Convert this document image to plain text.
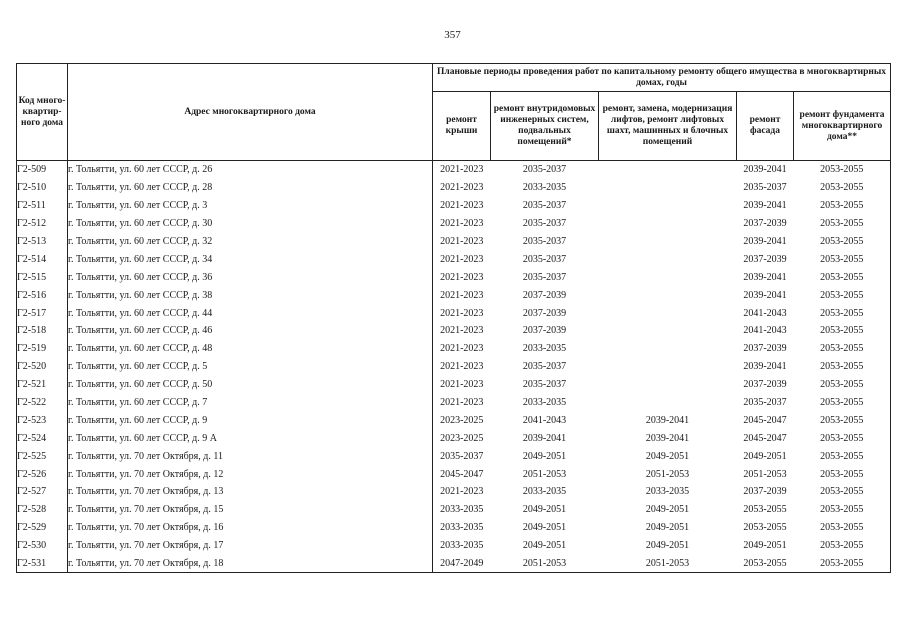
357
Код много-квартир-ного дома	Адрес многоквартирного дома	Плановые периоды проведения работ по капитальному ремонту общего имущества в многоквартирных домах, годы				
		ремонт крыши	ремонт внутридомовых инженерных систем, подвальных помещений*	ремонт, замена, модернизация лифтов, ремонт лифтовых шахт, машинных и блочных помещений	ремонт фасада	ремонт фундамента многоквартирного дома**
Г2-509	г. Тольятти, ул. 60 лет СССР, д. 26	2021-2023	2035-2037		2039-2041	2053-2055
Г2-510	г. Тольятти, ул. 60 лет СССР, д. 28	2021-2023	2033-2035		2035-2037	2053-2055
Г2-511	г. Тольятти, ул. 60 лет СССР, д. 3	2021-2023	2035-2037		2039-2041	2053-2055
Г2-512	г. Тольятти, ул. 60 лет СССР, д. 30	2021-2023	2035-2037		2037-2039	2053-2055
Г2-513	г. Тольятти, ул. 60 лет СССР, д. 32	2021-2023	2035-2037		2039-2041	2053-2055
Г2-514	г. Тольятти, ул. 60 лет СССР, д. 34	2021-2023	2035-2037		2037-2039	2053-2055
Г2-515	г. Тольятти, ул. 60 лет СССР, д. 36	2021-2023	2035-2037		2039-2041	2053-2055
Г2-516	г. Тольятти, ул. 60 лет СССР, д. 38	2021-2023	2037-2039		2039-2041	2053-2055
Г2-517	г. Тольятти, ул. 60 лет СССР, д. 44	2021-2023	2037-2039		2041-2043	2053-2055
Г2-518	г. Тольятти, ул. 60 лет СССР, д. 46	2021-2023	2037-2039		2041-2043	2053-2055
Г2-519	г. Тольятти, ул. 60 лет СССР, д. 48	2021-2023	2033-2035		2037-2039	2053-2055
Г2-520	г. Тольятти, ул. 60 лет СССР, д. 5	2021-2023	2035-2037		2039-2041	2053-2055
Г2-521	г. Тольятти, ул. 60 лет СССР, д. 50	2021-2023	2035-2037		2037-2039	2053-2055
Г2-522	г. Тольятти, ул. 60 лет СССР, д. 7	2021-2023	2033-2035		2035-2037	2053-2055
Г2-523	г. Тольятти, ул. 60 лет СССР, д. 9	2023-2025	2041-2043	2039-2041	2045-2047	2053-2055
Г2-524	г. Тольятти, ул. 60 лет СССР, д. 9 А	2023-2025	2039-2041	2039-2041	2045-2047	2053-2055
Г2-525	г. Тольятти, ул. 70 лет Октября, д. 11	2035-2037	2049-2051	2049-2051	2049-2051	2053-2055
Г2-526	г. Тольятти, ул. 70 лет Октября, д. 12	2045-2047	2051-2053	2051-2053	2051-2053	2053-2055
Г2-527	г. Тольятти, ул. 70 лет Октября, д. 13	2021-2023	2033-2035	2033-2035	2037-2039	2053-2055
Г2-528	г. Тольятти, ул. 70 лет Октября, д. 15	2033-2035	2049-2051	2049-2051	2053-2055	2053-2055
Г2-529	г. Тольятти, ул. 70 лет Октября, д. 16	2033-2035	2049-2051	2049-2051	2053-2055	2053-2055
Г2-530	г. Тольятти, ул. 70 лет Октября, д. 17	2033-2035	2049-2051	2049-2051	2049-2051	2053-2055
Г2-531	г. Тольятти, ул. 70 лет Октября, д. 18	2047-2049	2051-2053	2051-2053	2053-2055	2053-2055
